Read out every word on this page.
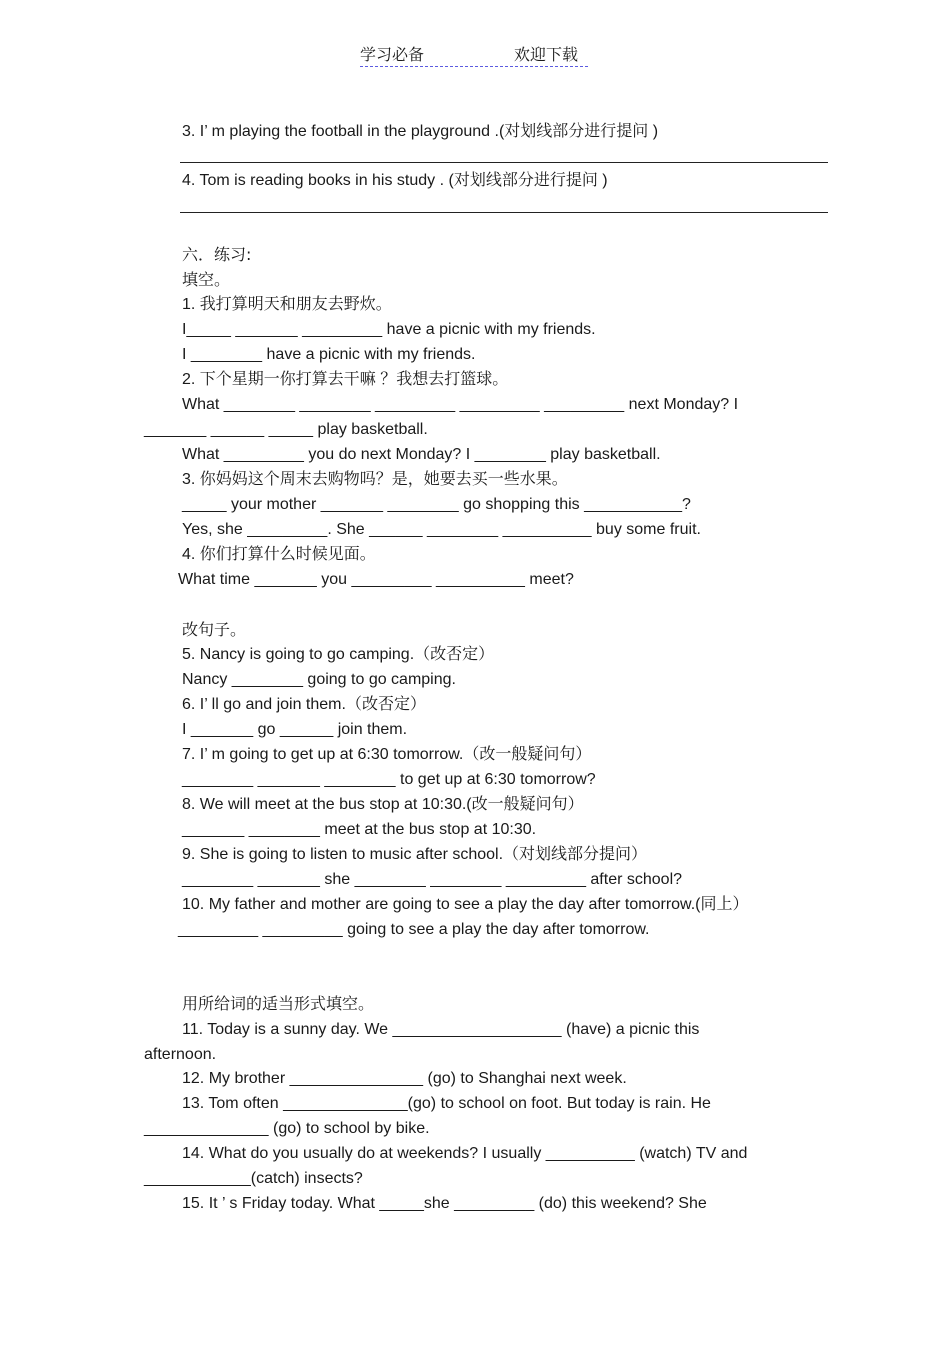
学习必备	欢迎下载
3. I’ m playing the football in the playground .(对划线部分进行提问 )
4. Tom is reading books in his study . (对划线部分进行提问 )
六．练习:
填空。
1. 我打算明天和朋友去野炊。
I_____ _______ _________ have a picnic with my friends.
I ________ have a picnic with my friends.
2. 下个星期一你打算去干嘛 ？我想去打篮球。
What ________ ________ _________ _________ _________ next Monday? I
_______ ______ _____ play basketball.
What _________ you do next Monday? I ________ play basketball.
3. 你妈妈这个周末去购物吗？是，她要去买一些水果。
_____ your mother _______ ________ go shopping this ___________?
Yes, she _________. She ______ ________ __________ buy some fruit.
4. 你们打算什么时候见面。
What time _______ you _________ __________ meet?
改句子。
5. Nancy is going to go camping.（改否定）
Nancy ________ going to go camping.
6. I’ ll go and join them.（改否定）
I _______ go ______ join them.
7. I’ m going to get up at 6:30 tomorrow.（改一般疑问句）
________ _______ ________ to get up at 6:30 tomorrow?
8. We will meet at the bus stop at 10:30.(改一般疑问句）
_______ ________ meet at the bus stop at 10:30.
9. She is going to listen to music after school.（对划线部分提问）
________ _______ she ________ ________ _________ after school?
10. My father and mother are going to see a play the day after tomorrow.(同上）
_________ _________ going to see a play the day after tomorrow.
用所给词的适当形式填空。
11. Today is a sunny day. We ___________________ (have) a picnic this
afternoon.
12. My brother _______________ (go) to Shanghai next week.
13. Tom often ______________(go) to school on foot. But today is rain. He
______________ (go) to school by bike.
14. What do you usually do at weekends? I usually __________ (watch) TV and
____________(catch) insects?
15. It ’ s Friday today. What _____she _________ (do) this weekend? She
